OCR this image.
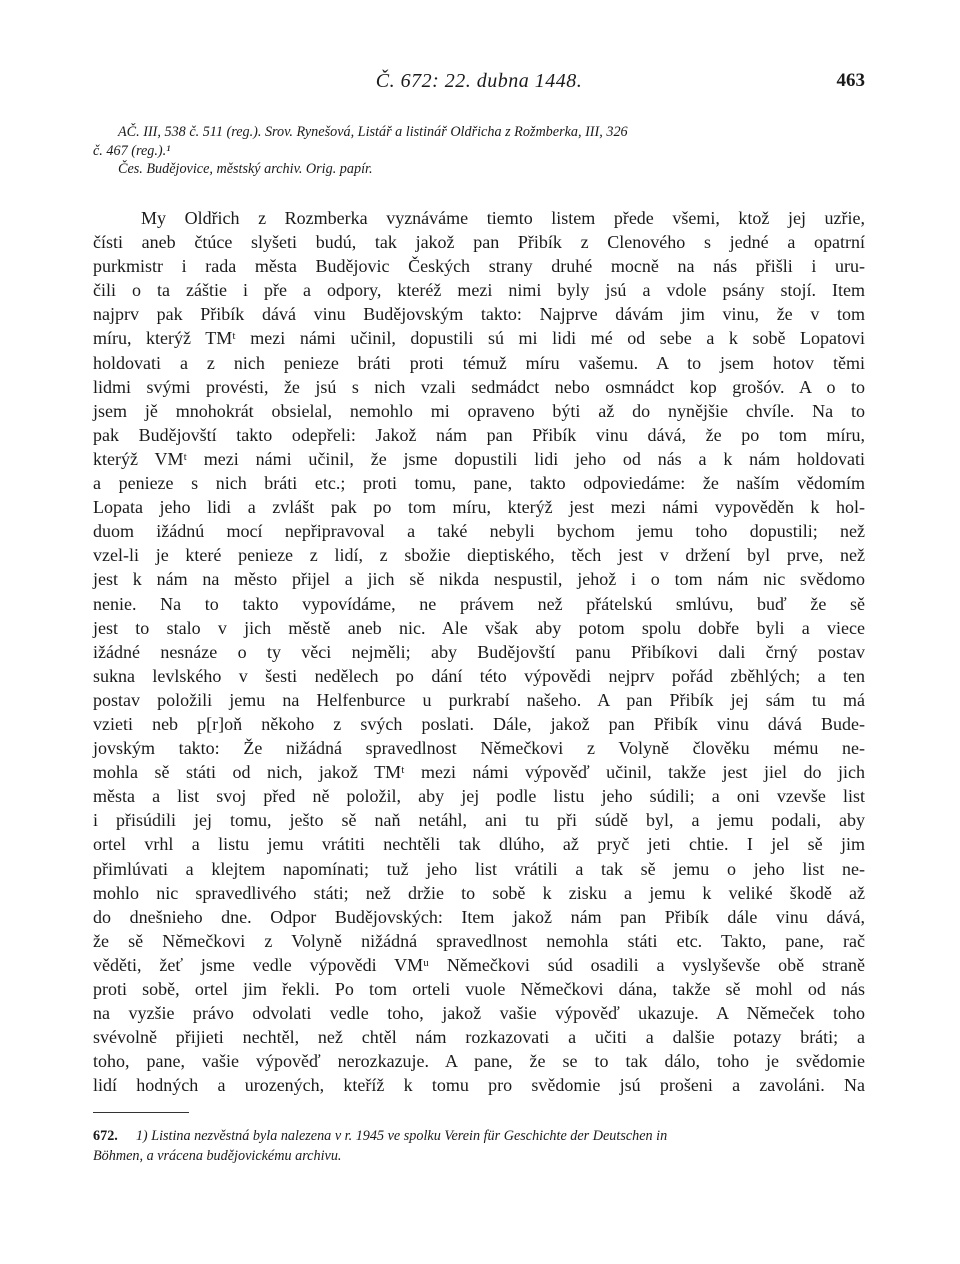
Č. 672: 22. dubna 1448.	463
AČ. III, 538 č. 511 (reg.). Srov. Rynešová, Listář a listinář Oldřicha z Rožmberka, III, 326
č. 467 (reg.).¹
Čes. Budějovice, městský archiv. Orig. papír.
My Oldřich z Rozmberka vyznáváme tiemto listem přede všemi, ktož jej uzřie,
čísti aneb čtúce slyšeti budú, tak jakož pan Přibík z Clenového s jedné a opatrní
purkmistr i rada města Budějovic Českých strany druhé mocně na nás přišli i uru-
čili o ta záštie i pře a odpory, kteréž mezi nimi byly jsú a vdole psány stojí. Item
najprv pak Přibík dává vinu Budějovským takto: Najprve dávám jim vinu, že v tom
míru, kterýž TMᵗ mezi námi učinil, dopustili sú mi lidi mé od sebe a k sobě Lopatovi
holdovati a z nich penieze bráti proti témuž míru vašemu. A to jsem hotov těmi
lidmi svými provésti, že jsú s nich vzali sedmádct nebo osmnádct kop grošóv. A o to
jsem jě mnohokrát obsielal, nemohlo mi opraveno býti až do nynějšie chvíle. Na to
pak Budějovští takto odepřeli: Jakož nám pan Přibík vinu dává, že po tom míru,
kterýž VMᵗ mezi námi učinil, že jsme dopustili lidi jeho od nás a k nám holdovati
a penieze s nich bráti etc.; proti tomu, pane, takto odpoviedáme: že naším vědomím
Lopata jeho lidi a zvlášt pak po tom míru, kterýž jest mezi námi vypověděn k hol-
duom ižádnú mocí nepřipravoval a také nebyli bychom jemu toho dopustili; než
vzel-li je které penieze z lidí, z sbožie dieptiského, těch jest v držení byl prve, než
jest k nám na město přijel a jich sě nikda nespustil, jehož i o tom nám nic svědomo
nenie. Na to takto vypovídáme, ne právem než přátelskú smlúvu, buď že sě
jest to stalo v jich městě aneb nic. Ale však aby potom spolu dobře byli a viece
ižádné nesnáze o ty věci nejměli; aby Budějovští panu Přibíkovi dali črný postav
sukna levlského v šesti nedělech po dání této výpovědi nejprv pořád zběhlých; a ten
postav položili jemu na Helfenburce u purkrabí našeho. A pan Přibík jej sám tu má
vzieti neb p[r]oň někoho z svých poslati. Dále, jakož pan Přibík vinu dává Bude-
jovským takto: Že nižádná spravedlnost Němečkovi z Volyně člověku mému ne-
mohla sě státi od nich, jakož TMᵗ mezi námi výpověď učinil, takže jest jiel do jich
města a list svoj před ně položil, aby jej podle listu jeho súdili; a oni vzevše list
i přisúdili jej tomu, ješto sě naň netáhl, ani tu při súdě byl, a jemu podali, aby
ortel vrhl a listu jemu vrátiti nechtěli tak dlúho, až pryč jeti chtie. I jel sě jim
přimlúvati a klejtem napomínati; tuž jeho list vrátili a tak sě jemu o jeho list ne-
mohlo nic spravedlivého státi; než držie to sobě k zisku a jemu k veliké škodě až
do dnešnieho dne. Odpor Budějovských: Item jakož nám pan Přibík dále vinu dává,
že sě Němečkovi z Volyně nižádná spravedlnost nemohla státi etc. Takto, pane, rač
věděti, žeť jsme vedle výpovědi VMᵘ Němečkovi súd osadili a vyslyševše obě straně
proti sobě, ortel jim řekli. Po tom orteli vuole Němečkovi dána, takže sě mohl od nás
na vyzšie právo odvolati vedle toho, jakož vašie výpověď ukazuje. A Němeček toho
svévolně přijieti nechtěl, než chtěl nám rozkazovati a učiti a dalšie potazy bráti; a
toho, pane, vašie výpověď nerozkazuje. A pane, že se to tak dálo, toho je svědomie
lidí hodných a urozených, kteříž k tomu pro svědomie jsú prošeni a zavoláni. Na
672. 1) Listina nezvěstná byla nalezena v r. 1945 ve spolku Verein für Geschichte der Deutschen in
Böhmen, a vrácena budějovickému archivu.
